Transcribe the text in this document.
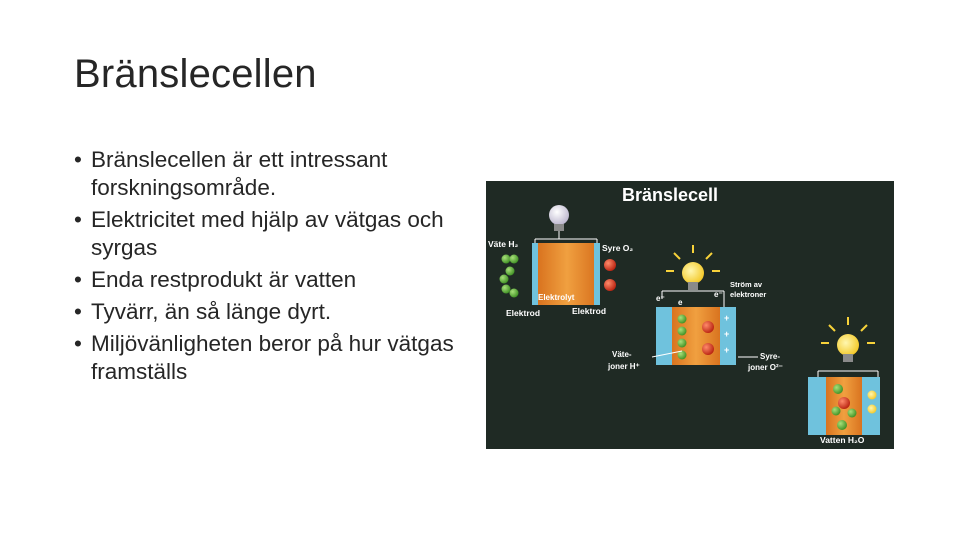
Bränslecellen
• Bränslecellen är ett intressant forskningsområde.
• Elektricitet med hjälp av vätgas och syrgas
• Enda restprodukt är vatten
• Tyvärr, än så länge dyrt.
• Miljövänligheten beror på hur vätgas framställs
Bränslecell
Väte H₂	Syre O₂
Elektrolyt
Elektrod	Elektrod
e⁻ e
e⁻
Ström av
elektroner
+
+
+
Väte-
joner H⁺
Syre-
joner O²⁻
Vatten H₂O
